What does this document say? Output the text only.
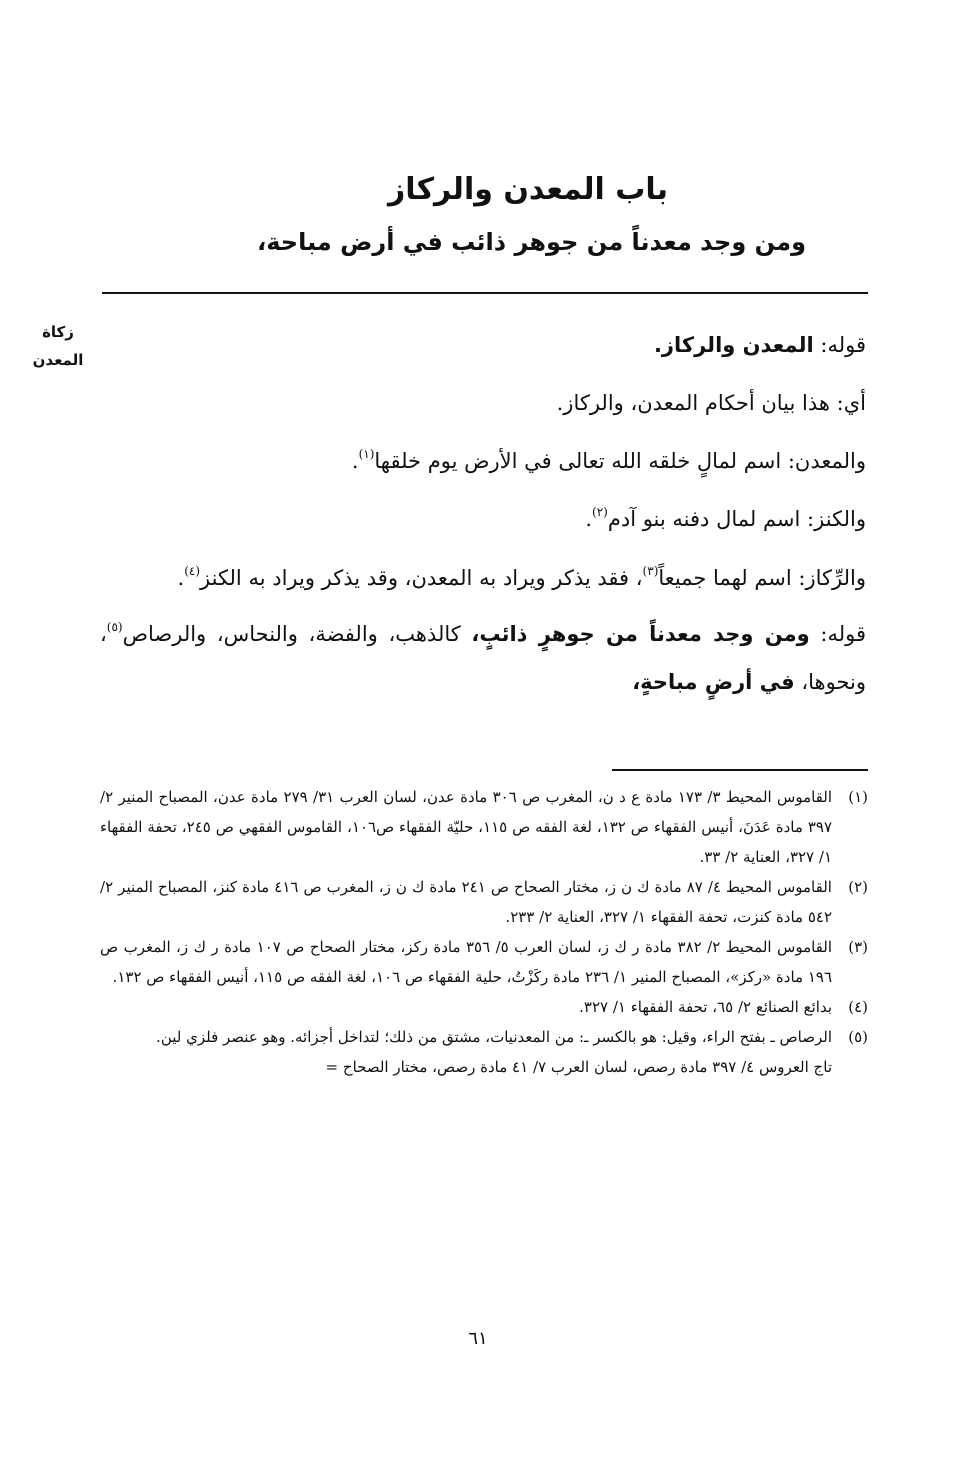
باب المعدن والركاز
ومن وجد معدناً من جوهر ذائب في أرض مباحة،
زكاة
المعدن

قوله: المعدن والركاز.

أي: هذا بيان أحكام المعدن، والركاز.

والمعدن: اسم لمالٍ خلقه الله تعالى في الأرض يوم خلقها$^{(١)}$.

والكنز: اسم لمال دفنه بنو آدم$^{(٢)}$.

والرِّكاز: اسم لهما جميعاً$^{(٣)}$، فقد يذكر ويراد به المعدن، وقد يذكر ويراد به الكنز$^{(٤)}$.

قوله: ومن وجد معدناً من جوهرٍ ذائبٍ، كالذهب، والفضة، والنحاس، والرصاص$^{(٥)}$، ونحوها، في أرضٍ مباحةٍ،

(١)
القاموس المحيط ٣/ ١٧٣ مادة ع د ن، المغرب ص ٣٠٦ مادة عدن، لسان العرب ٣١/ ٢٧٩ مادة عدن، المصباح المنير ٢/ ٣٩٧ مادة عَدَنَ، أنيس الفقهاء ص ١٣٢، لغة الفقه ص ١١٥، حليّة الفقهاء ص١٠٦، القاموس الفقهي ص ٢٤٥، تحفة الفقهاء ١/ ٣٢٧، العناية ٢/ ٣٣.
(٢)
القاموس المحيط ٤/ ٨٧ مادة ك ن ز، مختار الصحاح ص ٢٤١ مادة ك ن ز، المغرب ص ٤١٦ مادة كنز، المصباح المنير ٢/ ٥٤٢ مادة كنزت، تحفة الفقهاء ١/ ٣٢٧، العناية ٢/ ٢٣٣.
(٣)
القاموس المحيط ٢/ ٣٨٢ مادة ر ك ز، لسان العرب ٥/ ٣٥٦ مادة ركز، مختار الصحاح ص ١٠٧ مادة ر ك ز، المغرب ص ١٩٦ مادة «ركز»، المصباح المنير ١/ ٢٣٦ مادة ركَزْتُ، حلية الفقهاء ص ١٠٦، لغة الفقه ص ١١٥، أنيس الفقهاء ص ١٣٢.
(٤)
بدائع الصنائع ٢/ ٦٥، تحفة الفقهاء ١/ ٣٢٧.
(٥)
الرصاص ـ بفتح الراء، وقيل: هو بالكسر ـ: من المعدنيات، مشتق من ذلك؛ لتداخل أجزائه. وهو عنصر فلزي لين.
تاج العروس ٤/ ٣٩٧ مادة رصص، لسان العرب ٧/ ٤١ مادة رصص، مختار الصحاح =
٦١
